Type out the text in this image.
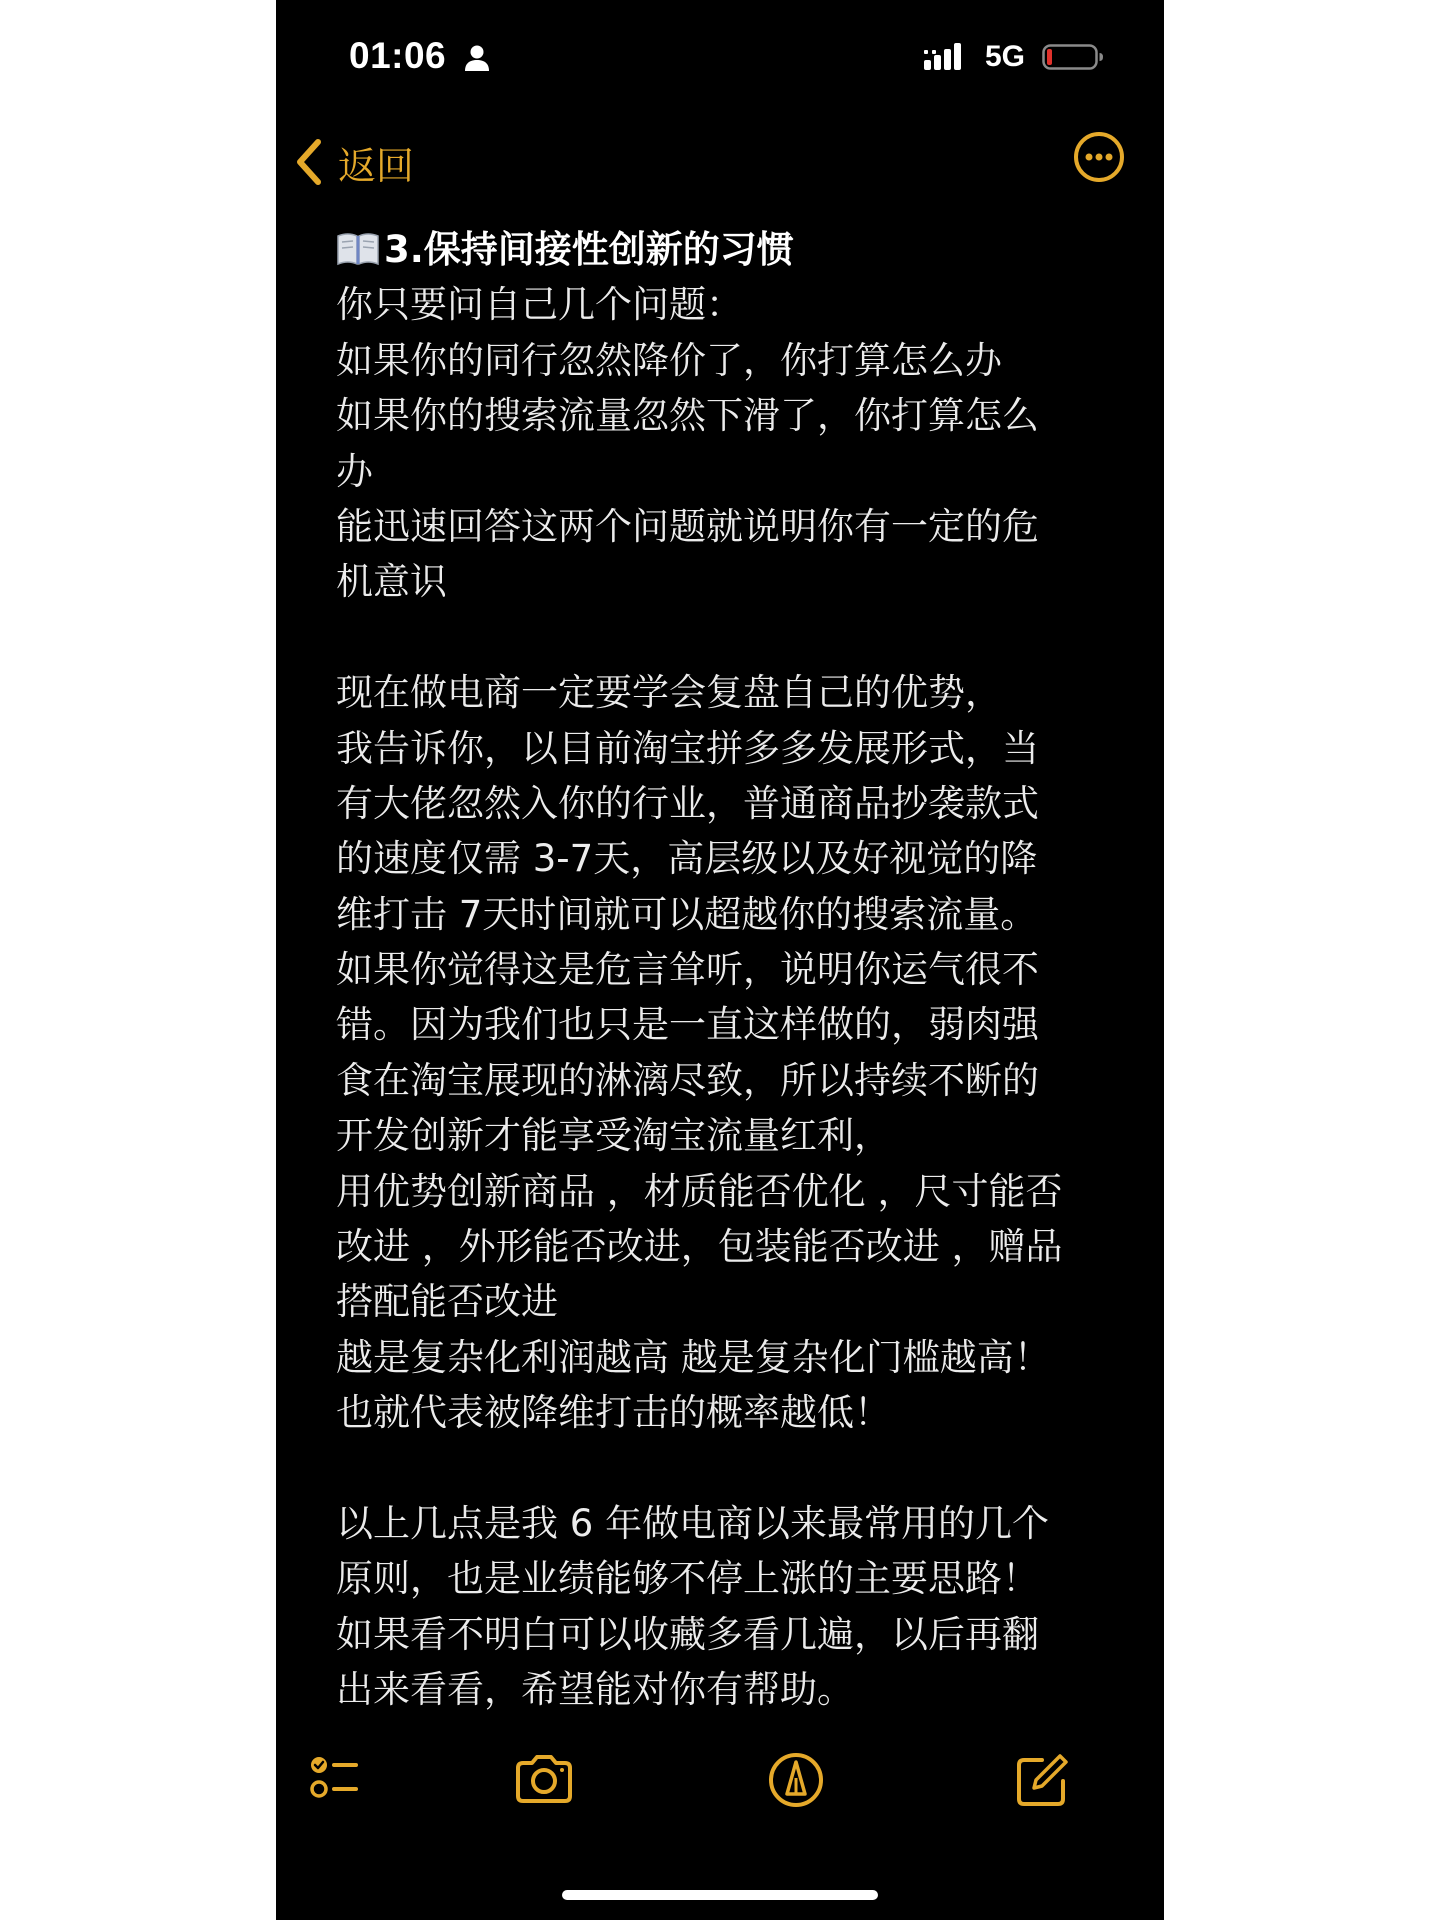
01:06	5G
返回
3.保持间接性创新的习惯
你只要问自己几个问题：
如果你的同行忽然降价了，你打算怎么办
如果你的搜索流量忽然下滑了，你打算怎么
办
能迅速回答这两个问题就说明你有一定的危
机意识
现在做电商一定要学会复盘自己的优势，
我告诉你，以目前淘宝拼多多发展形式，当
有大佬忽然入你的行业，普通商品抄袭款式
的速度仅需 3-7天，高层级以及好视觉的降
维打击 7天时间就可以超越你的搜索流量。
如果你觉得这是危言耸听，说明你运气很不
错。因为我们也只是一直这样做的，弱肉强
食在淘宝展现的淋漓尽致，所以持续不断的
开发创新才能享受淘宝流量红利，
用优势创新商品 ，材质能否优化 ，尺寸能否
改进 ，外形能否改进，包装能否改进 ，赠品
搭配能否改进
越是复杂化利润越高 越是复杂化门槛越高！
也就代表被降维打击的概率越低！
以上几点是我 6 年做电商以来最常用的几个
原则，也是业绩能够不停上涨的主要思路！
如果看不明白可以收藏多看几遍，以后再翻
出来看看，希望能对你有帮助。
